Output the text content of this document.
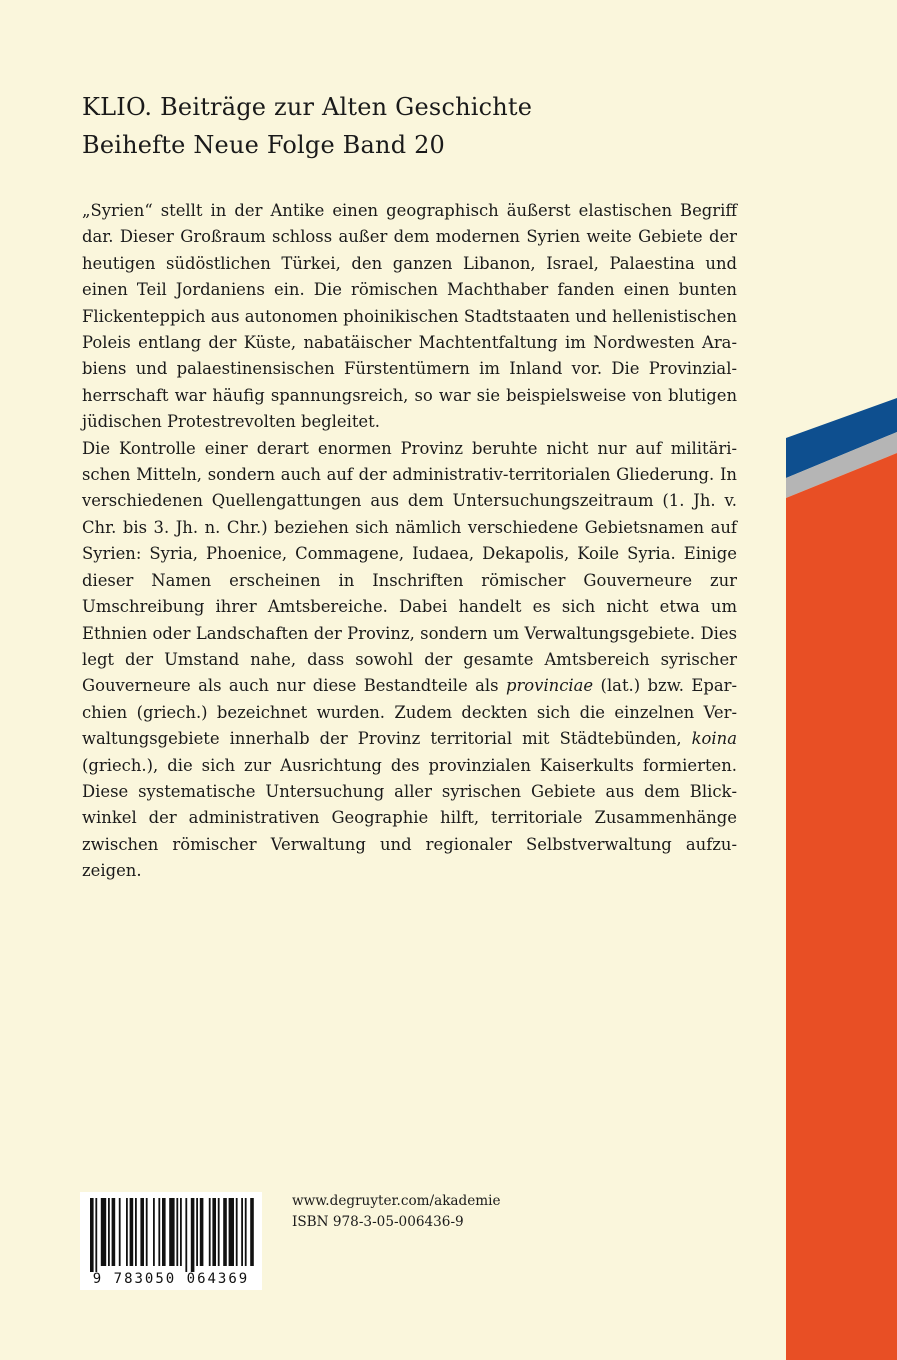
KLIO. Beiträge zur Alten Geschichte
Beihefte Neue Folge Band 20

„Syrien“ stellt in der Antike einen geographisch äußerst elastischen Begriff dar. Dieser Großraum schloss außer dem modernen Syrien weite Gebiete der heutigen südöstlichen Türkei, den ganzen Libanon, Israel, Palaestina und einen Teil Jordaniens ein. Die römischen Machthaber fanden einen bunten Flickenteppich aus autonomen phoinikischen Stadtstaaten und hellenistischen Poleis entlang der Küste, nabatäischer Machtentfaltung im Nordwesten Arabiens und palaestinensischen Fürstentümern im Inland vor. Die Provinzialherrschaft war häufig spannungsreich, so war sie beispielsweise von blutigen jüdischen Protestrevolten begleitet.

Die Kontrolle einer derart enormen Provinz beruhte nicht nur auf militärischen Mitteln, sondern auch auf der administrativ-territorialen Gliederung. In verschiedenen Quellengattungen aus dem Untersuchungszeitraum (1. Jh. v. Chr. bis 3. Jh. n. Chr.) beziehen sich nämlich verschiedene Gebietsnamen auf Syrien: Syria, Phoenice, Commagene, Iudaea, Dekapolis, Koile Syria. Einige dieser Namen erscheinen in Inschriften römischer Gouverneure zur Umschreibung ihrer Amtsbereiche. Dabei handelt es sich nicht etwa um Ethnien oder Landschaften der Provinz, sondern um Verwaltungsgebiete. Dies legt der Umstand nahe, dass sowohl der gesamte Amtsbereich syrischer Gouverneure als auch nur diese Bestandteile als provinciae (lat.) bzw. Eparchien (griech.) bezeichnet wurden. Zudem deckten sich die einzelnen Verwaltungsgebiete innerhalb der Provinz territorial mit Städtebünden, koina (griech.), die sich zur Ausrichtung des provinzialen Kaiserkults formierten. Diese systematische Untersuchung aller syrischen Gebiete aus dem Blickwinkel der administrativen Geographie hilft, territoriale Zusammenhänge zwischen römischer Verwaltung und regionaler Selbstverwaltung aufzuzeigen.

9 783050 064369
www.degruyter.com/akademie
ISBN 978-3-05-006436-9
